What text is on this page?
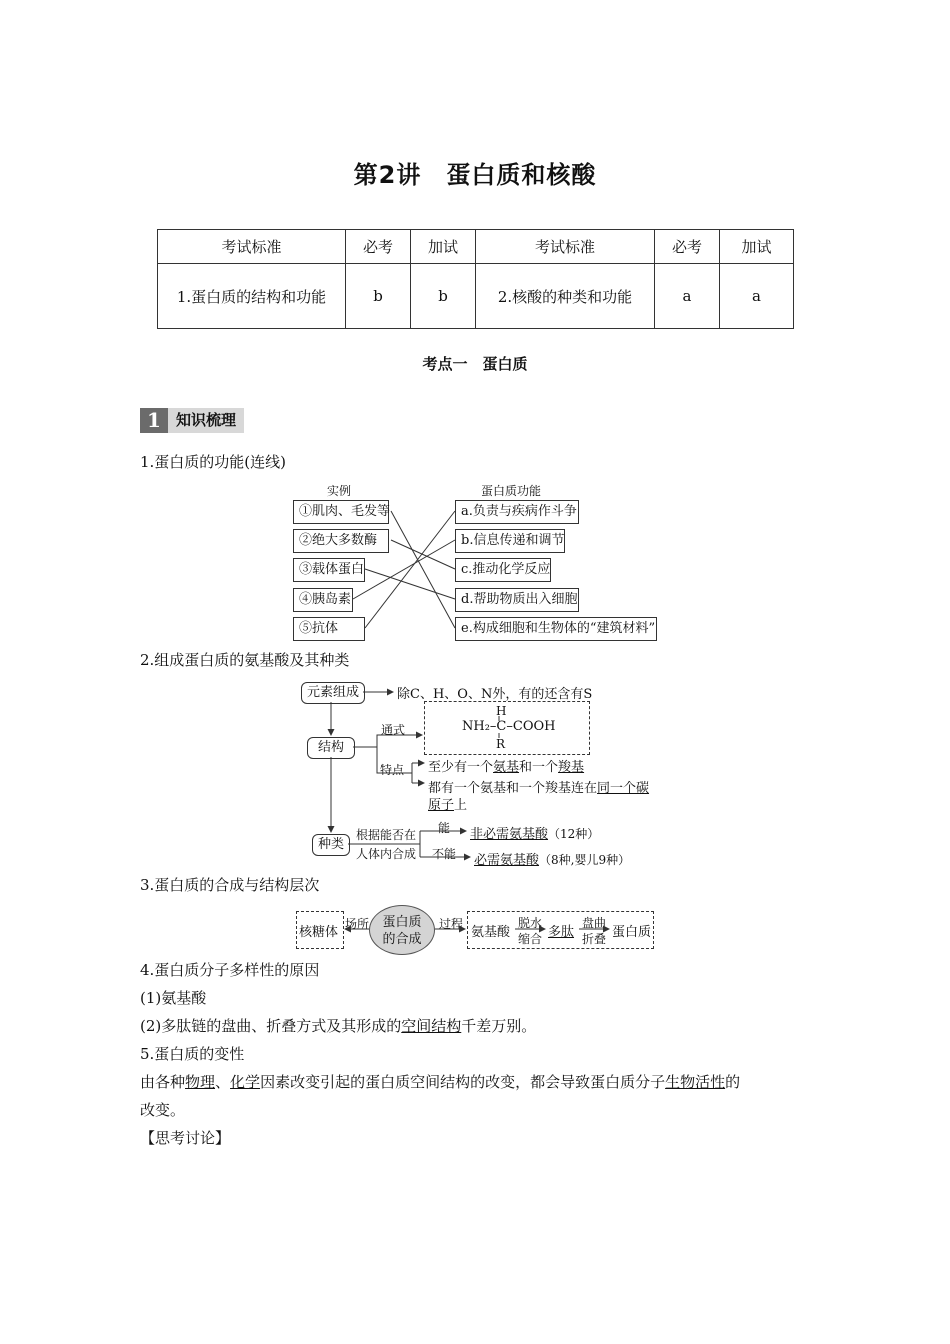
第2讲　蛋白质和核酸
考试标准	必考	加试	考试标准	必考	加试
1.蛋白质的结构和功能	b	b	2.核酸的种类和功能	a	a
考点一　蛋白质
1	知识梳理
1.蛋白质的功能(连线)
实例	蛋白质功能
①肌肉、毛发等
②绝大多数酶
③载体蛋白
④胰岛素
⑤抗体
a.负责与疾病作斗争
b.信息传递和调节
c.推动化学反应
d.帮助物质出入细胞
e.构成细胞和生物体的“建筑材料”
2.组成蛋白质的氨基酸及其种类
元素组成	除C、H、O、N外，有的还含有S
结构
通式
H
NH₂–C–COOH
R
特点 至少有一个氨基和一个羧基
都有一个氨基和一个羧基连在同一个碳
原子上
种类
根据能否在
人体内合成
能
不能
非必需氨基酸（12种）
必需氨基酸（8种,婴儿9种）
3.蛋白质的合成与结构层次
核糖体
场所	蛋白质
的合成
过程
氨基酸
脱水
缩合 多肽
盘曲
折叠 蛋白质
4.蛋白质分子多样性的原因
(1)氨基酸
(2)多肽链的盘曲、折叠方式及其形成的空间结构千差万别。
5.蛋白质的变性
由各种物理、化学因素改变引起的蛋白质空间结构的改变，都会导致蛋白质分子生物活性的
改变。
【思考讨论】
